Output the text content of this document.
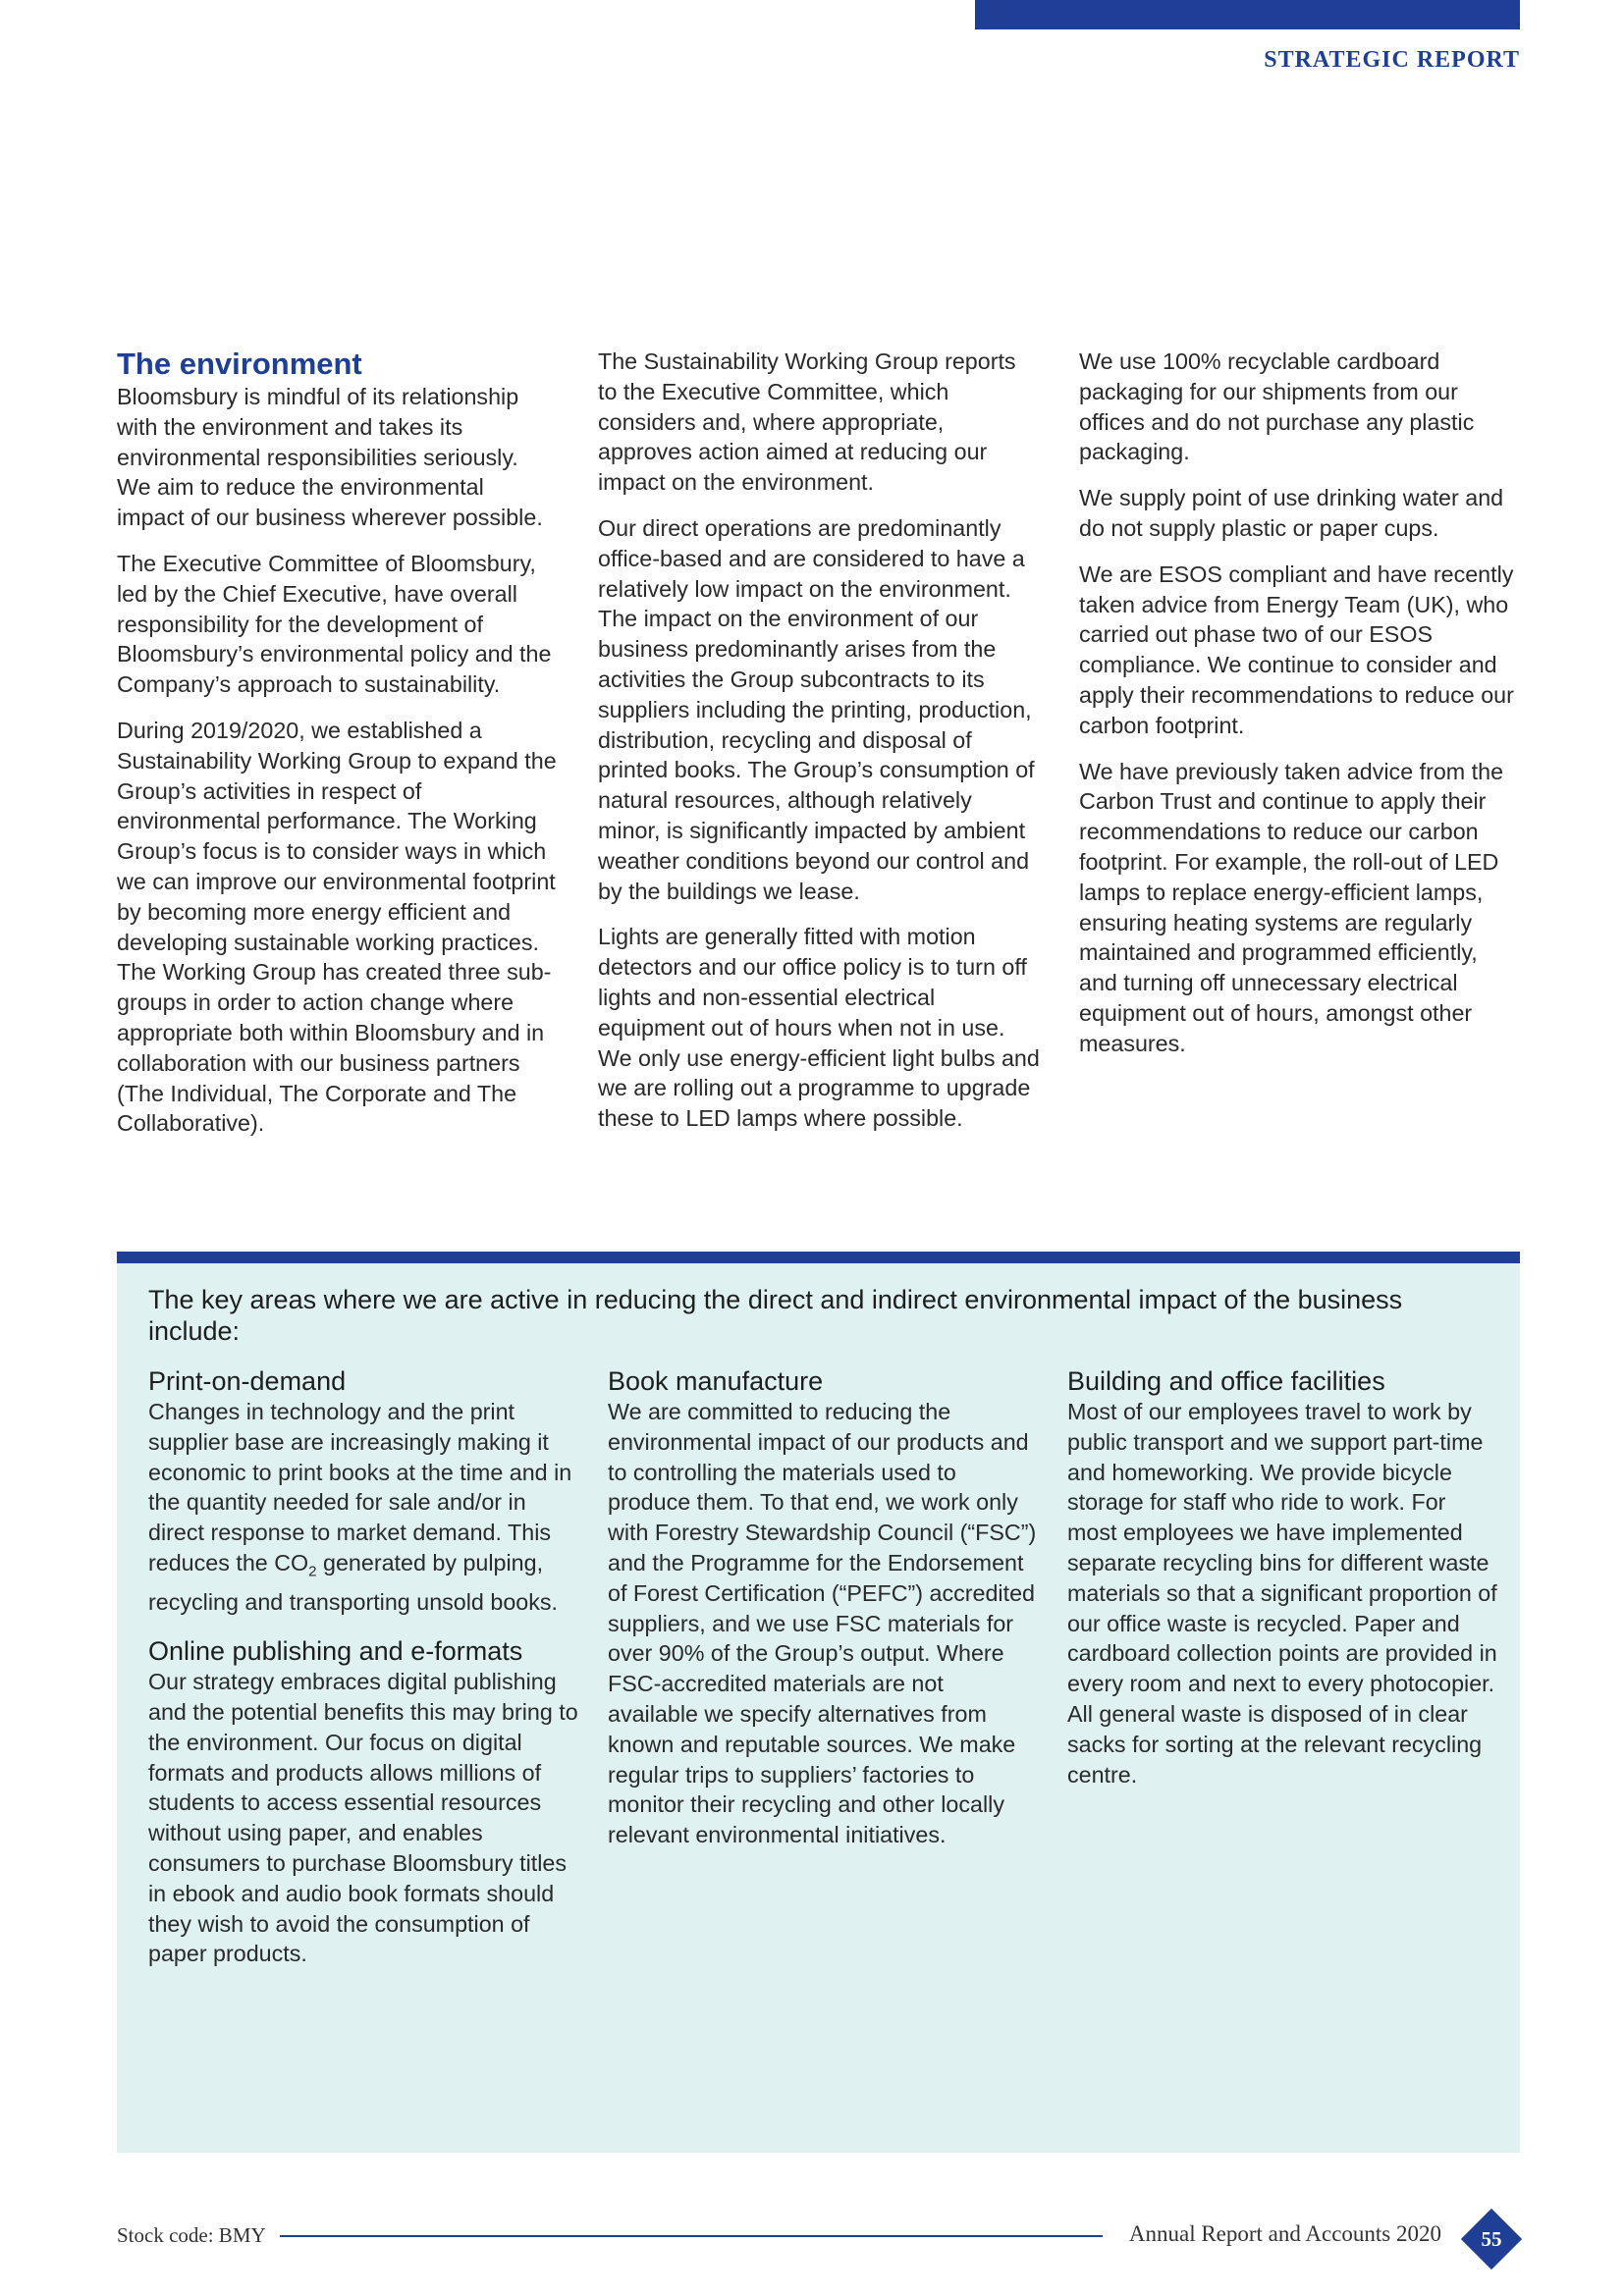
STRATEGIC REPORT
The environment

Bloomsbury is mindful of its relationship with the environment and takes its environmental responsibilities seriously. We aim to reduce the environmental impact of our business wherever possible.

The Executive Committee of Bloomsbury, led by the Chief Executive, have overall responsibility for the development of Bloomsbury’s environmental policy and the Company’s approach to sustainability.

During 2019/2020, we established a Sustainability Working Group to expand the Group’s activities in respect of environmental performance. The Working Group’s focus is to consider ways in which we can improve our environmental footprint by becoming more energy efficient and developing sustainable working practices. The Working Group has created three sub-groups in order to action change where appropriate both within Bloomsbury and in collaboration with our business partners (The Individual, The Corporate and The Collaborative).

The Sustainability Working Group reports to the Executive Committee, which considers and, where appropriate, approves action aimed at reducing our impact on the environment.

Our direct operations are predominantly office-based and are considered to have a relatively low impact on the environment. The impact on the environment of our business predominantly arises from the activities the Group subcontracts to its suppliers including the printing, production, distribution, recycling and disposal of printed books. The Group’s consumption of natural resources, although relatively minor, is significantly impacted by ambient weather conditions beyond our control and by the buildings we lease.

Lights are generally fitted with motion detectors and our office policy is to turn off lights and non-essential electrical equipment out of hours when not in use. We only use energy-efficient light bulbs and we are rolling out a programme to upgrade these to LED lamps where possible.

We use 100% recyclable cardboard packaging for our shipments from our offices and do not purchase any plastic packaging.

We supply point of use drinking water and do not supply plastic or paper cups.

We are ESOS compliant and have recently taken advice from Energy Team (UK), who carried out phase two of our ESOS compliance. We continue to consider and apply their recommendations to reduce our carbon footprint.

We have previously taken advice from the Carbon Trust and continue to apply their recommendations to reduce our carbon footprint. For example, the roll-out of LED lamps to replace energy-efficient lamps, ensuring heating systems are regularly maintained and programmed efficiently, and turning off unnecessary electrical equipment out of hours, amongst other measures.

The key areas where we are active in reducing the direct and indirect environmental impact of the business include:
Print-on-demand

Changes in technology and the print supplier base are increasingly making it economic to print books at the time and in the quantity needed for sale and/or in direct response to market demand. This reduces the $CO_2$ generated by pulping, recycling and transporting unsold books.

Online publishing and e-formats

Our strategy embraces digital publishing and the potential benefits this may bring to the environment. Our focus on digital formats and products allows millions of students to access essential resources without using paper, and enables consumers to purchase Bloomsbury titles in ebook and audio book formats should they wish to avoid the consumption of paper products.

Book manufacture

We are committed to reducing the environmental impact of our products and to controlling the materials used to produce them. To that end, we work only with Forestry Stewardship Council (“FSC”) and the Programme for the Endorsement of Forest Certification (“PEFC”) accredited suppliers, and we use FSC materials for over 90% of the Group’s output. Where FSC-accredited materials are not available we specify alternatives from known and reputable sources. We make regular trips to suppliers’ factories to monitor their recycling and other locally relevant environmental initiatives.

Building and office facilities

Most of our employees travel to work by public transport and we support part-time and homeworking. We provide bicycle storage for staff who ride to work. For most employees we have implemented separate recycling bins for different waste materials so that a significant proportion of our office waste is recycled. Paper and cardboard collection points are provided in every room and next to every photocopier. All general waste is disposed of in clear sacks for sorting at the relevant recycling centre.

Stock code: BMY	Annual Report and Accounts 2020	55
